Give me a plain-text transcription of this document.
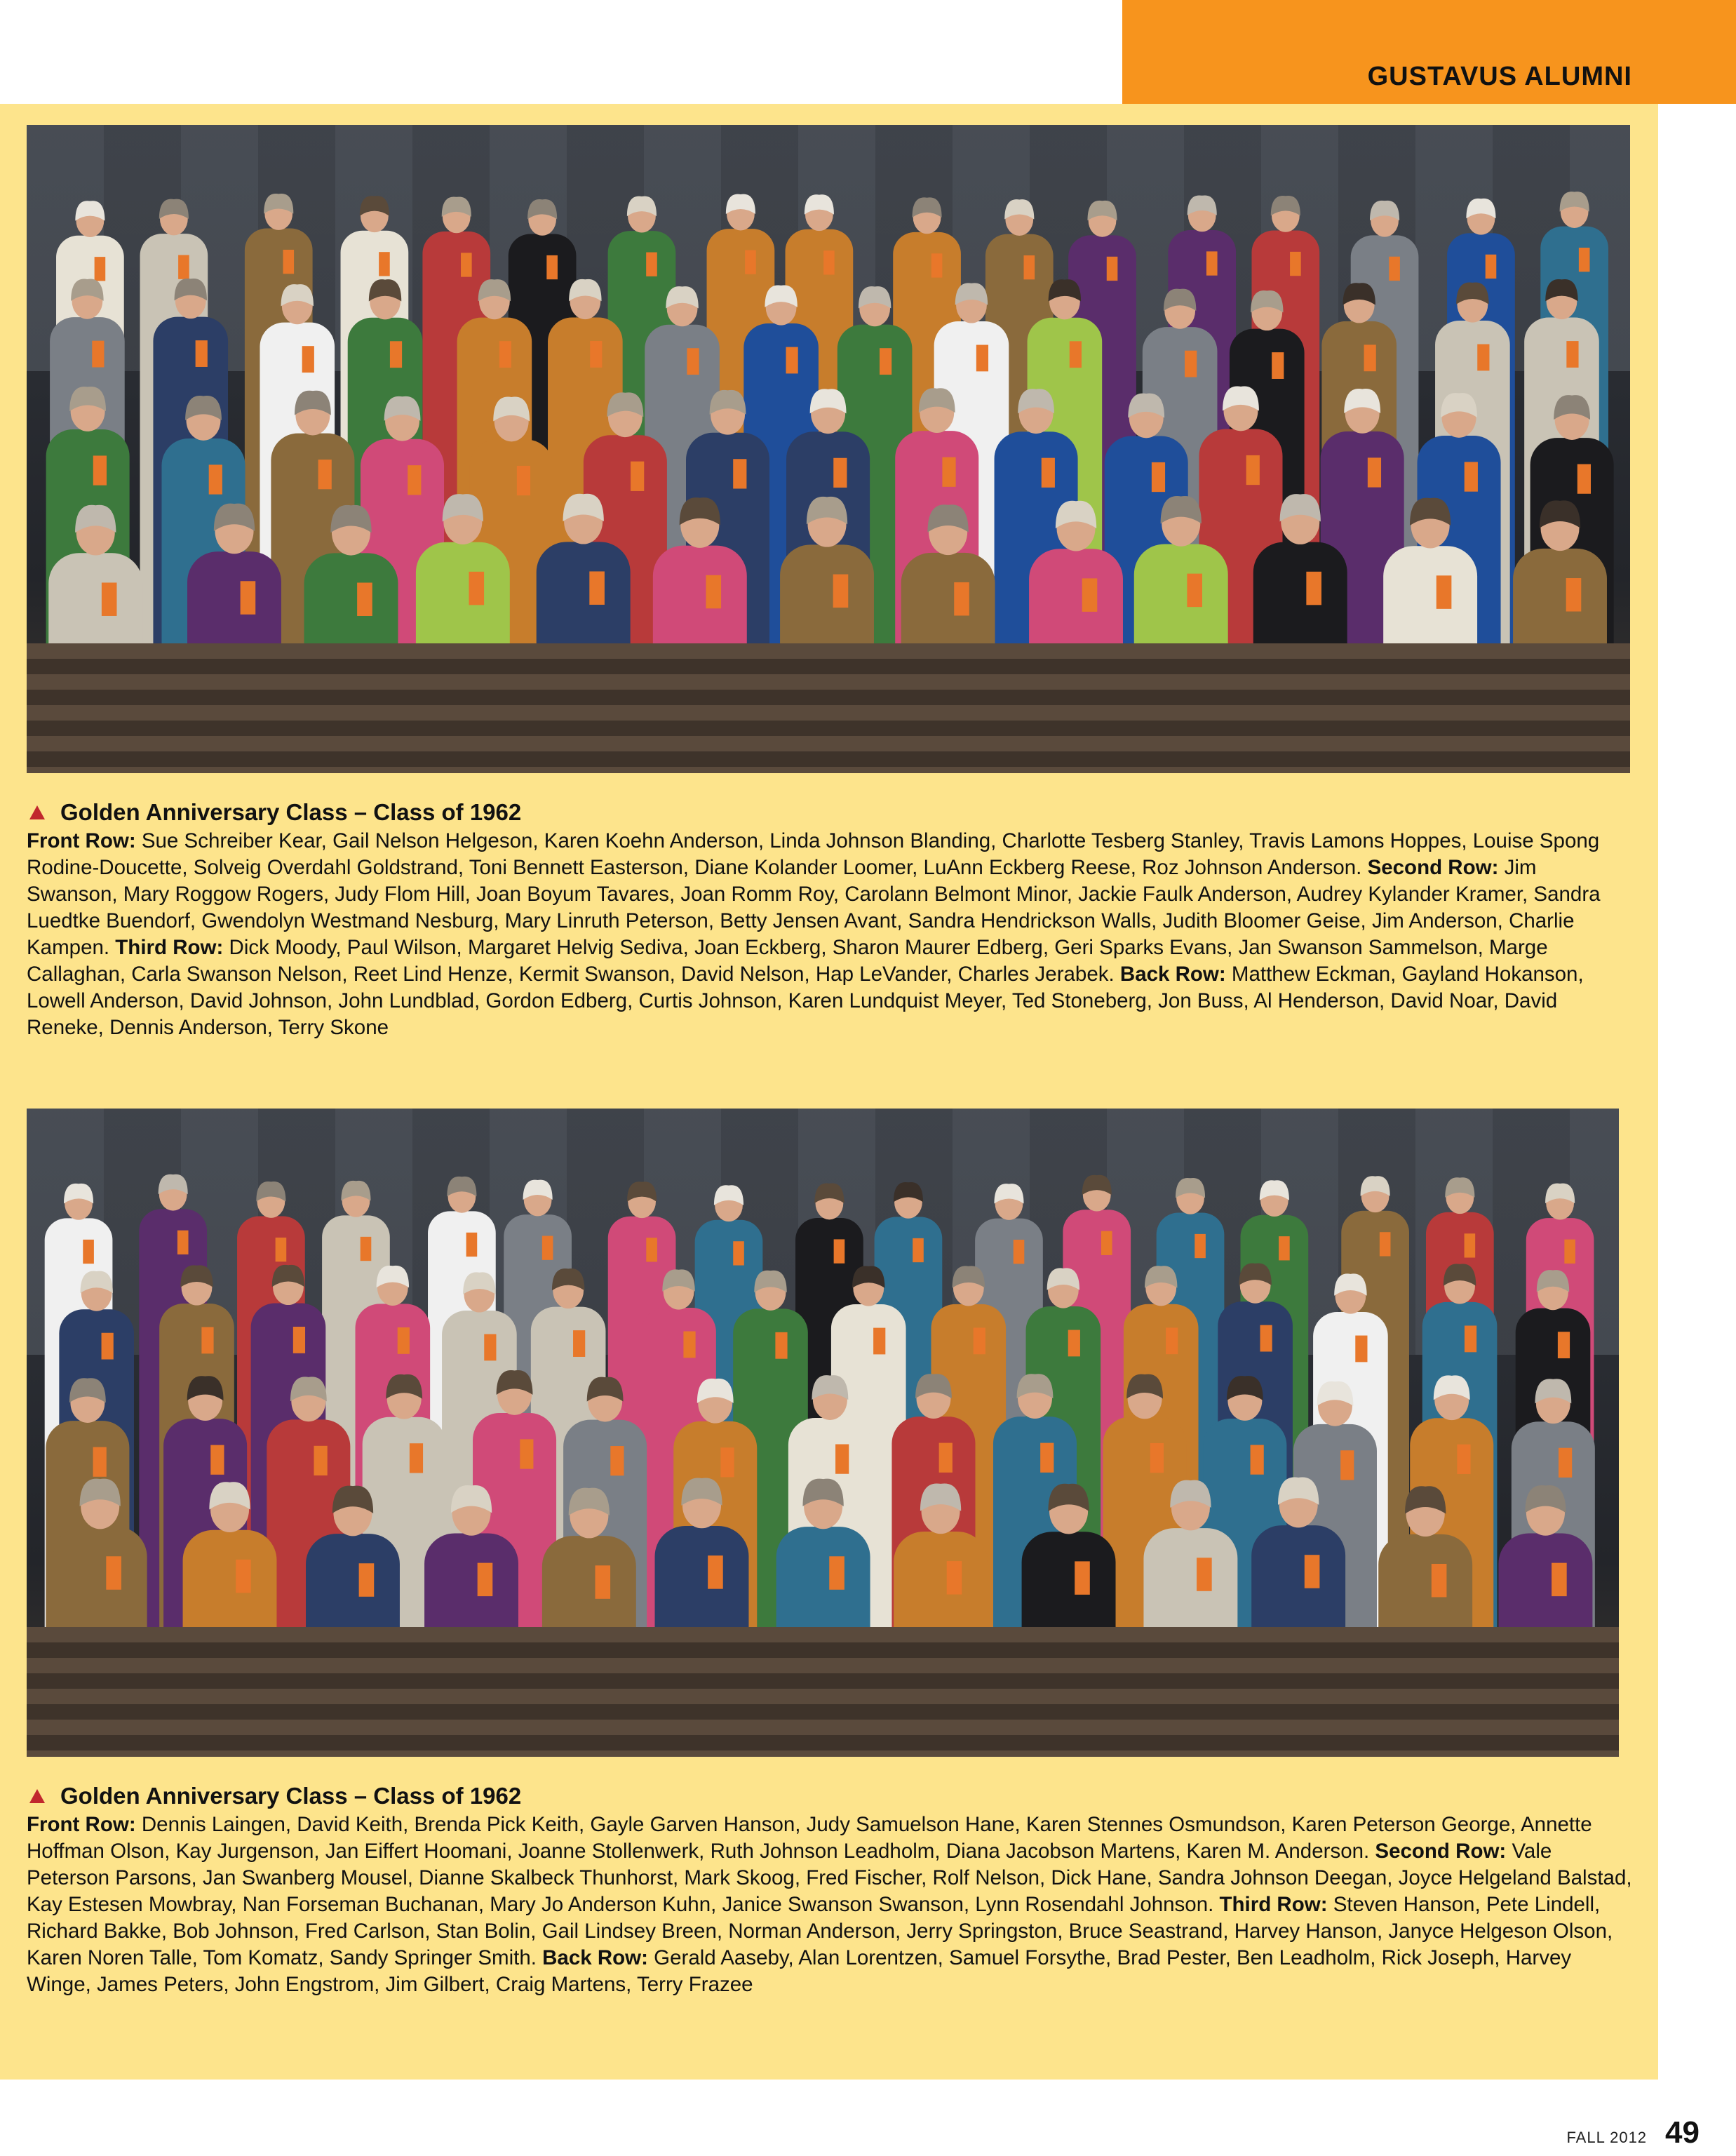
GUSTAVUS ALUMNI
Golden Anniversary Class – Class of 1962
Front Row: Sue Schreiber Kear, Gail Nelson Helgeson, Karen Koehn Anderson, Linda Johnson Blanding, Charlotte Tesberg Stanley, Travis Lamons Hoppes, Louise Spong Rodine-Doucette, Solveig Overdahl Goldstrand, Toni Bennett Easterson, Diane Kolander Loomer, LuAnn Eckberg Reese, Roz Johnson Anderson. Second Row: Jim Swanson, Mary Roggow Rogers, Judy Flom Hill, Joan Boyum Tavares, Joan Romm Roy, Carolann Belmont Minor, Jackie Faulk Anderson, Audrey Kylander Kramer, Sandra Luedtke Buendorf, Gwendolyn Westmand Nesburg, Mary Linruth Peterson, Betty Jensen Avant, Sandra Hendrickson Walls, Judith Bloomer Geise, Jim Anderson, Charlie Kampen. Third Row: Dick Moody, Paul Wilson, Margaret Helvig Sediva, Joan Eckberg, Sharon Maurer Edberg, Geri Sparks Evans, Jan Swanson Sammelson, Marge Callaghan, Carla Swanson Nelson, Reet Lind Henze, Kermit Swanson, David Nelson, Hap LeVander, Charles Jerabek. Back Row: Matthew Eckman, Gayland Hokanson, Lowell Anderson, David Johnson, John Lundblad, Gordon Edberg, Curtis Johnson, Karen Lundquist Meyer, Ted Stoneberg, Jon Buss, Al Henderson, David Noar, David Reneke, Dennis Anderson, Terry Skone
Golden Anniversary Class – Class of 1962
Front Row: Dennis Laingen, David Keith, Brenda Pick Keith, Gayle Garven Hanson, Judy Samuelson Hane, Karen Stennes Osmundson, Karen Peterson George, Annette Hoffman Olson, Kay Jurgenson, Jan Eiffert Hoomani, Joanne Stollenwerk, Ruth Johnson Leadholm, Diana Jacobson Martens, Karen M. Anderson. Second Row: Vale Peterson Parsons, Jan Swanberg Mousel, Dianne Skalbeck Thunhorst, Mark Skoog, Fred Fischer, Rolf Nelson, Dick Hane, Sandra Johnson Deegan, Joyce Helgeland Balstad, Kay Estesen Mowbray, Nan Forseman Buchanan, Mary Jo Anderson Kuhn, Janice Swanson Swanson, Lynn Rosendahl Johnson. Third Row: Steven Hanson, Pete Lindell, Richard Bakke, Bob Johnson, Fred Carlson, Stan Bolin, Gail Lindsey Breen, Norman Anderson, Jerry Springston, Bruce Seastrand, Harvey Hanson, Janyce Helgeson Olson, Karen Noren Talle, Tom Komatz, Sandy Springer Smith. Back Row: Gerald Aaseby, Alan Lorentzen, Samuel Forsythe, Brad Pester, Ben Leadholm, Rick Joseph, Harvey Winge, James Peters, John Engstrom, Jim Gilbert, Craig Martens, Terry Frazee
FALL 2012 49
